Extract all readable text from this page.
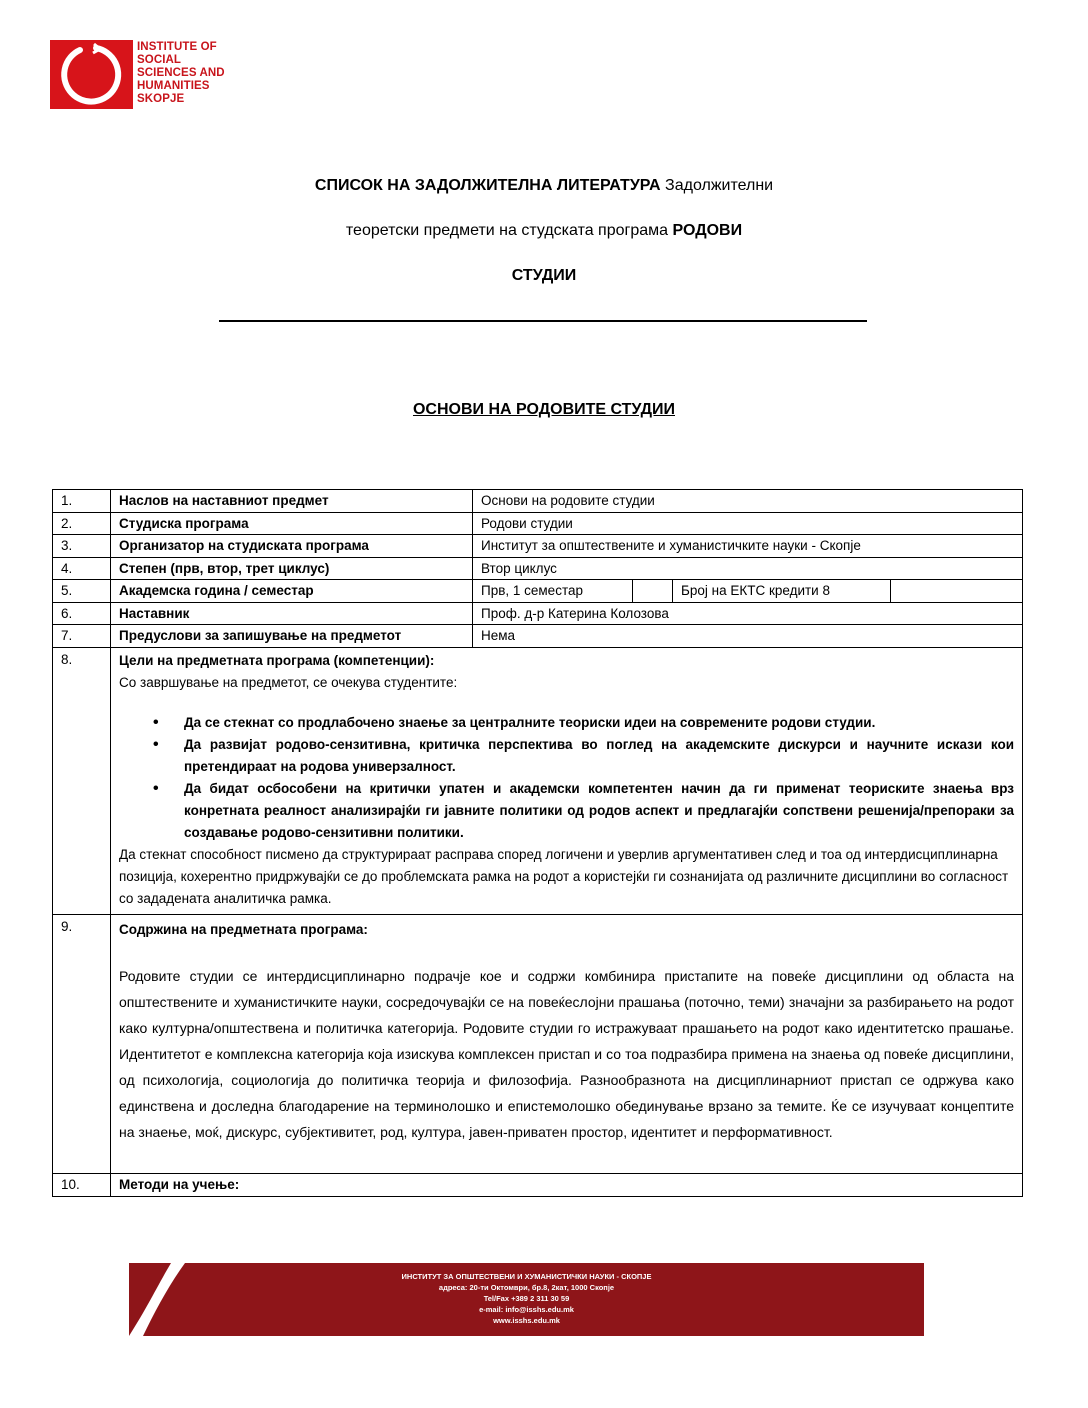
INSTITUTE OF
SOCIAL
SCIENCES AND
HUMANITIES
SKOPJE
СПИСОК НА ЗАДОЛЖИТЕЛНА ЛИТЕРАТУРА Задолжителни
теоретски предмети на студската програма РОДОВИ
СТУДИИ
ОСНОВИ НА РОДОВИТЕ СТУДИИ
1.	Наслов на наставниот предмет	Основи на родовите студии
2.	Студиска програма	Родови студии
3.	Организатор на студиската програма	Институт за општествените и хуманистичките науки - Скопје
4.	Степен (прв, втор, трет циклус)	Втор циклус
5.	Академска година / семестар	Прв, 1 семестар	Број на ЕКТС кредити 8
6.	Наставник	Проф. д-р Катерина Колозова
7.	Предуслови за запишување на предметот	Нема
8.	Цели на предметната програма (компетенции):
Со завршување на предметот, се очекува студентите:
• Да се стекнат со продлабочено знаење за централните теориски идеи на современите родови студии.
• Да развијат родово-сензитивна, критичка перспектива во поглед на академските дискурси и научните искази кои претендираат на родова универзалност.
• Да бидат осбособени на критички упатен и академски компетентен начин да ги применат теориските знаења врз конретната реалност анализирајќи ги јавните политики од родов аспект и предлагајќи сопствени решенија/препораки за создавање родово-сензитивни политики.
Да стекнат способност писмено да структурираат расправа според логичени и уверлив аргументативен след и тоа од интердисциплинарна позиција, кохерентно придржувајќи се до проблемската рамка на родот а користејќи ги сознанијата од различните дисциплини во согласност со зададената аналитичка рамка.
9.	Содржина на предметната програма:
Родовите студии се интердисциплинарно подрачје кое и содржи комбинира пристапите на повеќе дисциплини од областа на општествените и хуманистичките науки, сосредочувајќи се на повеќеслојни прашања (поточно, теми) значајни за разбирањето на родот како културна/општествена и политичка категорија. Родовите студии го истражуваат прашањето на родот како идентитетско прашање. Идентитетот е комплексна категорија која изискува комплексен пристап и со тоа подразбира примена на знаења од повеќе дисциплини, од психологија, социологија до политичка теорија и филозофија. Разнообразнота на дисциплинарниот пристап се одржува како единствена и доследна благодарение на терминолошко и епистемолошко обединување врзано за темите. Ќе се изучуваат концептите на знаење, моќ, дискурс, субјективитет, род, култура, јавен-приватен простор, идентитет и перформативност.
10.	Методи на учење:
ИНСТИТУТ ЗА ОПШТЕСТВЕНИ И ХУМАНИСТИЧКИ НАУКИ - СКОПЈЕ
адреса: 20-ти Октомври, бр.8, 2кат, 1000 Скопје
Tel/Fax +389 2 311 30 59
e-mail: info@isshs.edu.mk
www.isshs.edu.mk
